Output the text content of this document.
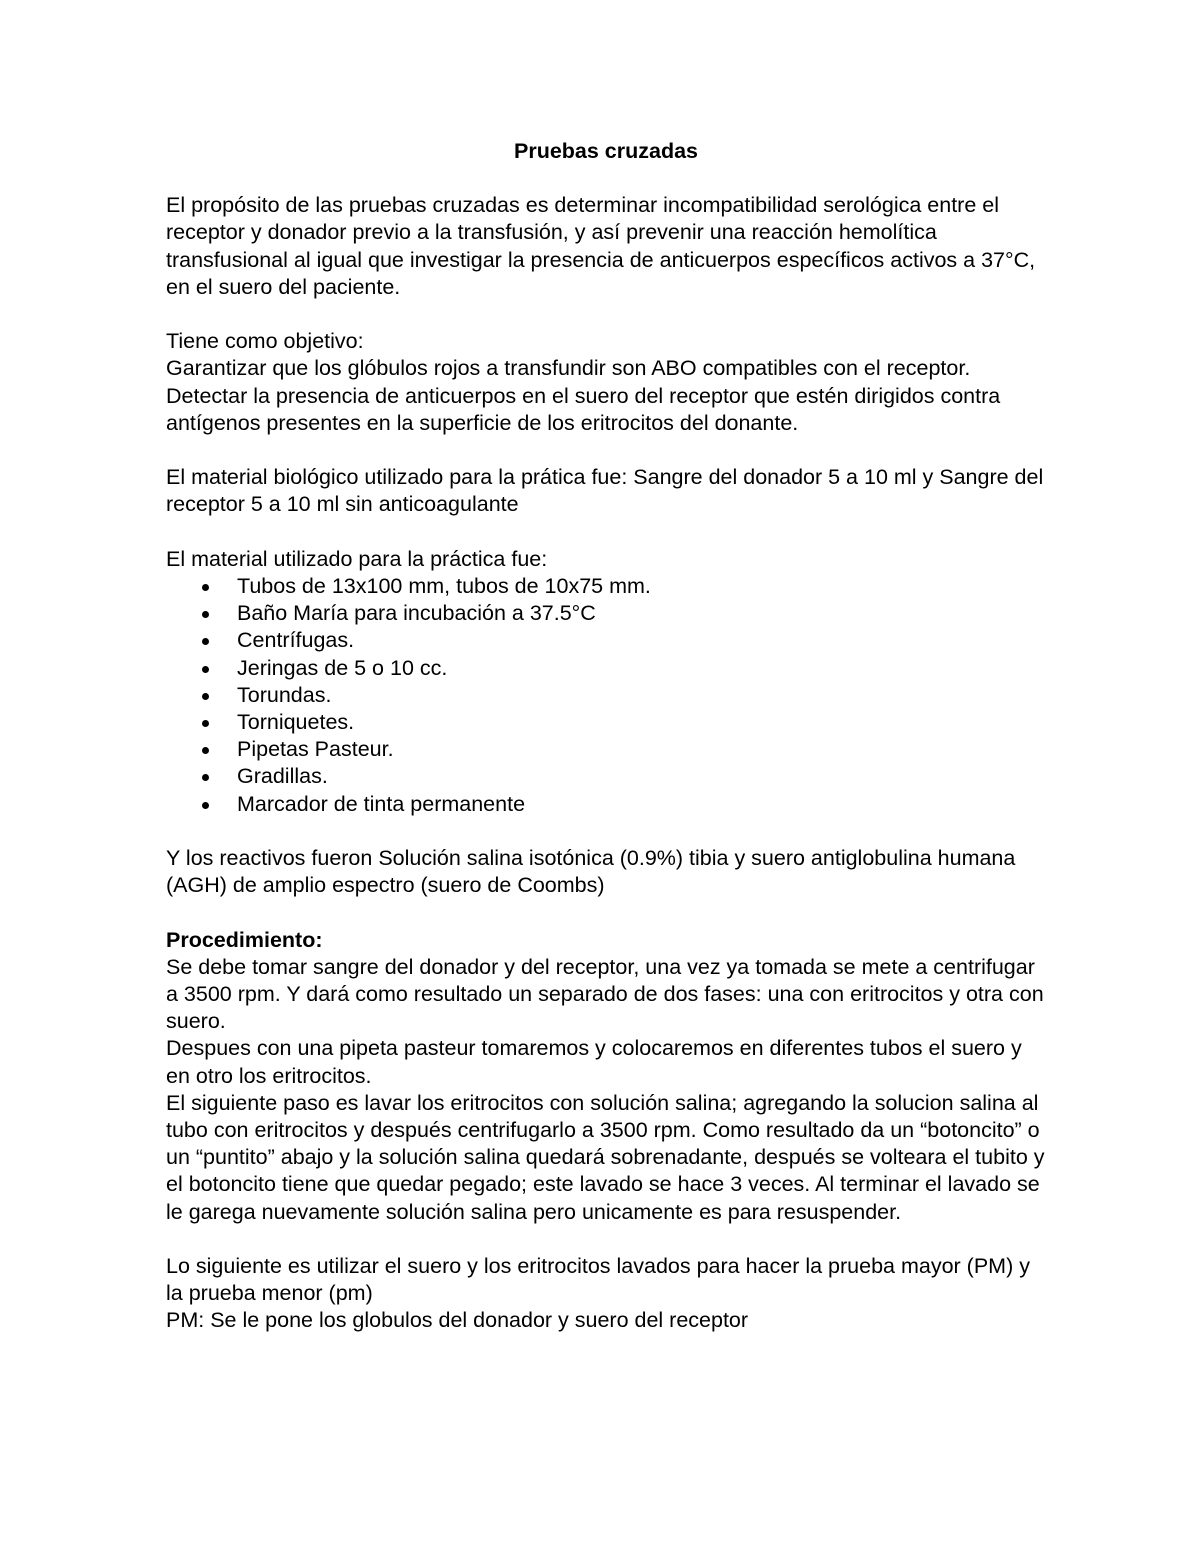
Pruebas cruzadas

El propósito de las pruebas cruzadas es determinar incompatibilidad serológica entre el receptor y donador previo a la transfusión, y así prevenir una reacción hemolítica transfusional al igual que investigar la presencia de anticuerpos específicos activos a 37°C, en el suero del paciente.

Tiene como objetivo:

Garantizar que los glóbulos rojos a transfundir son ABO compatibles con el receptor.

Detectar la presencia de anticuerpos en el suero del receptor que estén dirigidos contra antígenos presentes en la superficie de los eritrocitos del donante.

El material biológico utilizado para la prática fue: Sangre del donador 5 a 10 ml y Sangre del receptor 5 a 10 ml sin anticoagulante

El material utilizado para la práctica fue:

Tubos de 13x100 mm, tubos de 10x75 mm.
Baño María para incubación a 37.5°C
Centrífugas.
Jeringas de 5 o 10 cc.
Torundas.
Torniquetes.
Pipetas Pasteur.
Gradillas.
Marcador de tinta permanente

Y los reactivos fueron Solución salina isotónica (0.9%) tibia y suero antiglobulina humana (AGH) de amplio espectro (suero de Coombs)

Procedimiento:

Se debe tomar sangre del donador y del receptor, una vez ya tomada se mete a centrifugar a 3500 rpm. Y dará como resultado un separado de dos fases: una con eritrocitos y otra con suero.

Despues con una pipeta pasteur tomaremos y colocaremos en diferentes tubos el suero y en otro los eritrocitos.

El siguiente paso es lavar los eritrocitos con solución salina; agregando la solucion salina al tubo con eritrocitos y después centrifugarlo a 3500 rpm. Como resultado da un “botoncito” o un “puntito” abajo y la solución salina quedará sobrenadante, después se volteara el tubito y el botoncito tiene que quedar pegado; este lavado se hace 3 veces. Al terminar el lavado se le garega nuevamente solución salina pero unicamente es para resuspender.

Lo siguiente es utilizar el suero y los eritrocitos lavados para hacer la prueba mayor (PM) y la prueba menor (pm)

PM: Se le pone los globulos del donador y suero del receptor
